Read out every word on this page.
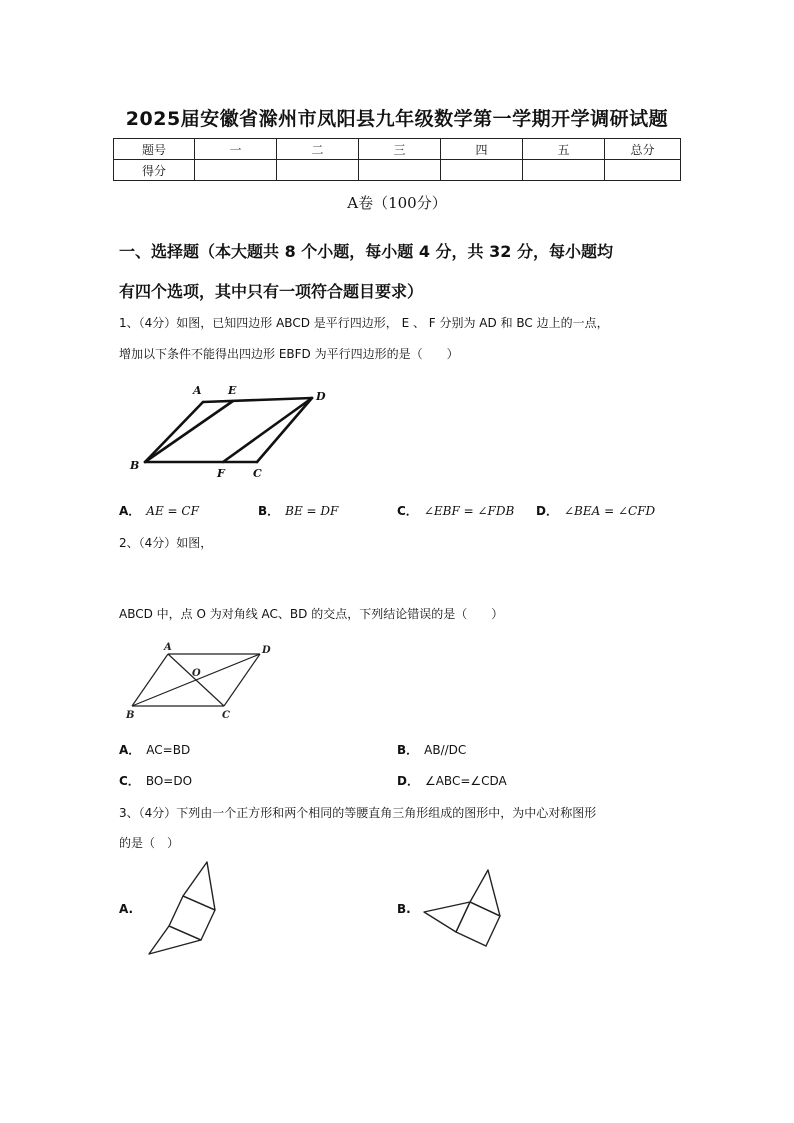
2025届安徽省滁州市凤阳县九年级数学第一学期开学调研试题
题号	一	二	三	四	五	总分
得分						
A卷（100分）
一、选择题（本大题共 8 个小题，每小题 4 分，共 32 分，每小题均
有四个选项，其中只有一项符合题目要求）
1、（4分）如图，已知四边形 ABCD 是平行四边形， E 、 F 分别为 AD 和 BC 边上的一点，
增加以下条件不能得出四边形 EBFD 为平行四边形的是（　　）
A E	D
B
F	C
A． AE = CF	B． BE = DF	C． ∠EBF = ∠FDB D． ∠BEA = ∠CFD
2、（4分）如图，
ABCD 中，点 O 为对角线 AC、BD 的交点，下列结论错误的是（　　）
A	D
O
B	C
A． AC=BD	B． AB//DC
C． BO=DO	D． ∠ABC=∠CDA
3、（4分）下列由一个正方形和两个相同的等腰直角三角形组成的图形中，为中心对称图形
的是（　）
A.	B.
